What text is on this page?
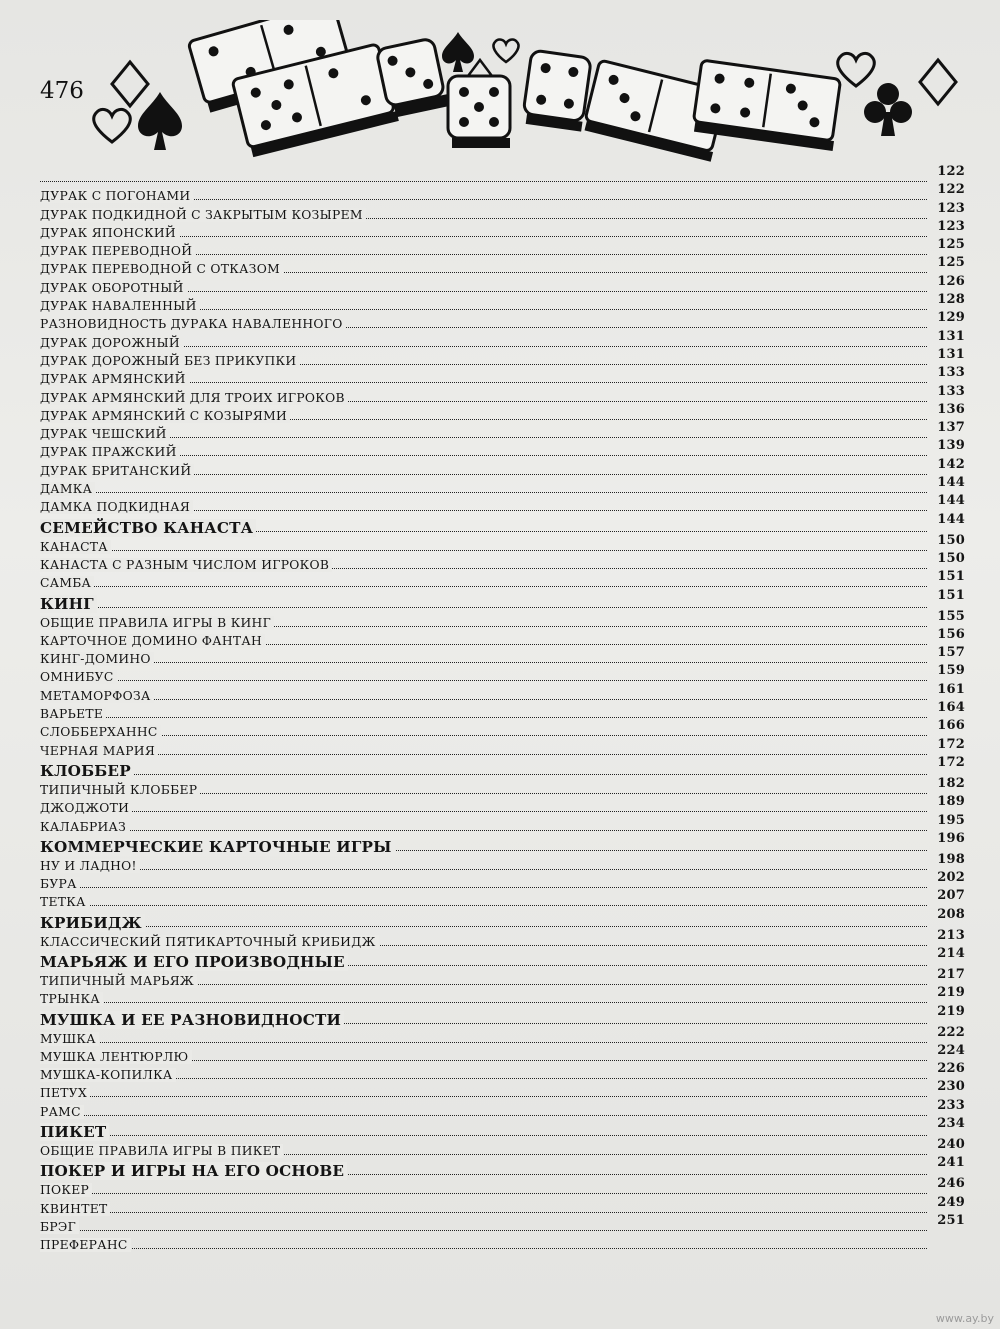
476
122
ДУРАК С ПОГОНАМИ	122
ДУРАК ПОДКИДНОЙ С ЗАКРЫТЫМ КОЗЫРЕМ	123
ДУРАК ЯПОНСКИЙ	123
ДУРАК ПЕРЕВОДНОЙ	125
ДУРАК ПЕРЕВОДНОЙ С ОТКАЗОМ	125
ДУРАК ОБОРОТНЫЙ	126
ДУРАК НАВАЛЕННЫЙ	128
РАЗНОВИДНОСТЬ ДУРАКА НАВАЛЕННОГО	129
ДУРАК ДОРОЖНЫЙ	131
ДУРАК ДОРОЖНЫЙ БЕЗ ПРИКУПКИ	131
ДУРАК АРМЯНСКИЙ	133
ДУРАК АРМЯНСКИЙ ДЛЯ ТРОИХ ИГРОКОВ	133
ДУРАК АРМЯНСКИЙ С КОЗЫРЯМИ	136
ДУРАК ЧЕШСКИЙ	137
ДУРАК ПРАЖСКИЙ	139
ДУРАК БРИТАНСКИЙ	142
ДАМКА	144
ДАМКА ПОДКИДНАЯ	144
СЕМЕЙСТВО КАНАСТА	144
КАНАСТА	150
КАНАСТА С РАЗНЫМ ЧИСЛОМ ИГРОКОВ	150
САМБА	151
КИНГ	151
ОБЩИЕ ПРАВИЛА ИГРЫ В КИНГ	155
КАРТОЧНОЕ ДОМИНО ФАНТАН	156
КИНГ-ДОМИНО	157
ОМНИБУС	159
МЕТАМОРФОЗА	161
ВАРЬЕТЕ	164
СЛОББЕРХАННС	166
ЧЕРНАЯ МАРИЯ	172
КЛОББЕР	172
ТИПИЧНЫЙ КЛОББЕР	182
ДЖОДЖОТИ	189
КАЛАБРИАЗ	195
КОММЕРЧЕСКИЕ КАРТОЧНЫЕ ИГРЫ	196
НУ И ЛАДНО!	198
БУРА	202
ТЕТКА	207
КРИБИДЖ	208
КЛАССИЧЕСКИЙ ПЯТИКАРТОЧНЫЙ КРИБИДЖ	213
МАРЬЯЖ И ЕГО ПРОИЗВОДНЫЕ	214
ТИПИЧНЫЙ МАРЬЯЖ	217
ТРЫНКА	219
МУШКА И ЕЕ РАЗНОВИДНОСТИ	219
МУШКА	222
МУШКА ЛЕНТЮРЛЮ	224
МУШКА-КОПИЛКА	226
ПЕТУХ	230
РАМС	233
ПИКЕТ	234
ОБЩИЕ ПРАВИЛА ИГРЫ В ПИКЕТ	240
ПОКЕР И ИГРЫ НА ЕГО ОСНОВЕ	241
ПОКЕР	246
КВИНТЕТ	249
БРЭГ	251
ПРЕФЕРАНС
www.ay.by
